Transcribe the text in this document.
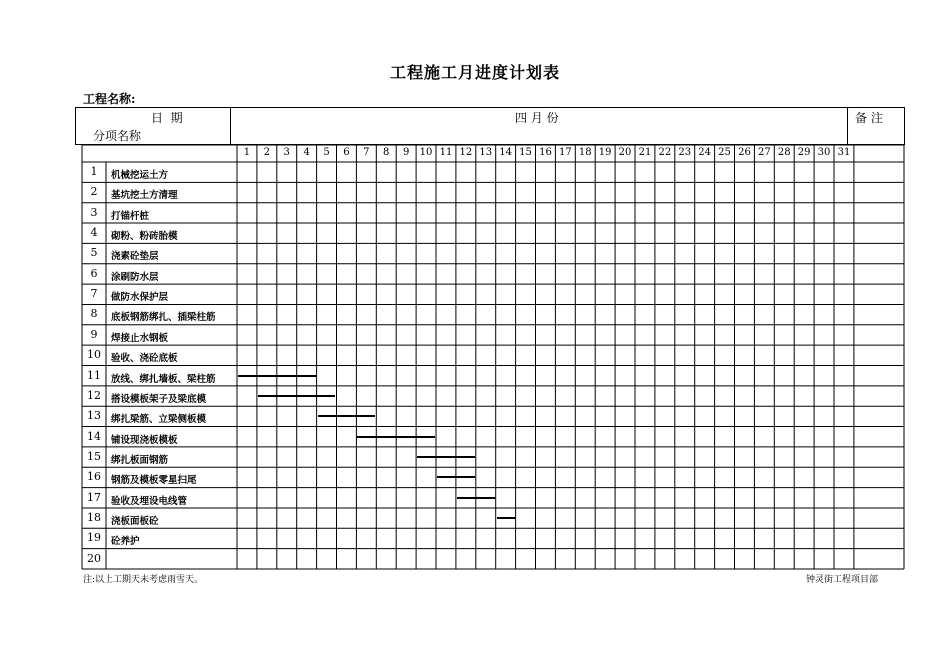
工程施工月进度计划表
工程名称:
日  期
分项名称
四 月 份	备 注
1	2	3	4	5	6	7	8	9	10 11 12 13 14 15 16 17 18 19 20 21 22 23 24 25 26 27 28 29 30 31
1	机械挖运土方
2	基坑挖土方清理
3	打锚杆桩
4	砌粉、粉砖胎模
5	浇素砼垫层
6	涂刷防水层
7	做防水保护层
8	底板钢筋绑扎、插梁柱筋
9	焊接止水钢板
10	验收、浇砼底板
11	放线、绑扎墙板、梁柱筋
12	搭设模板架子及梁底模
13	绑扎梁筋、立梁侧板模
14	铺设现浇板模板
15	绑扎板面钢筋
16	钢筋及模板零星扫尾
17	验收及埋设电线管
18	浇板面板砼
19	砼养护
20
注:以上工期天未考虑雨雪天。	钟灵街工程项目部
